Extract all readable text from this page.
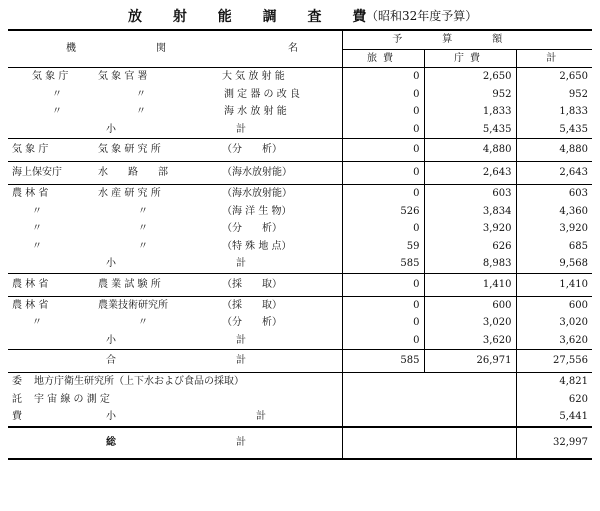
放 射 能 調 査 費
（昭和32年度予算）
機 関 名	予算額		
	旅費	庁費	計
気 象 庁 気 象 官 署 大 気 放 射 能	0	2,650	2,650
〃 〃 測 定 器 の 改 良	0	952	952
〃 〃 海 水 放 射 能	0	1,833	1,833
小 計	0	5,435	5,435
気 象 庁 気 象 研 究 所 （分　　析）	0	4,880	4,880
海上保安庁 水　　路　　部 （海水放射能）	0	2,643	2,643
農 林 省 水 産 研 究 所 （海水放射能）	0	603	603
〃 〃 （海 洋 生 物）	526	3,834	4,360
〃 〃 （分　　析）	0	3,920	3,920
〃 〃 （特 殊 地 点）	59	626	685
小 計	585	8,983	9,568
農 林 省 農 業 試 験 所 （採　　取）	0	1,410	1,410
農 林 省 農業技術研究所 （採　　取）	0	600	600
〃 〃 （分　　析）	0	3,020	3,020
小 計	0	3,620	3,620
合 計	585	26,971	27,556
委 地方庁衛生研究所（上下水および食品の採取）			4,821
託 宇 宙 線 の 測 定			620
費 小　　　　　　　　　　　　　　計			5,441
総 計			32,997
